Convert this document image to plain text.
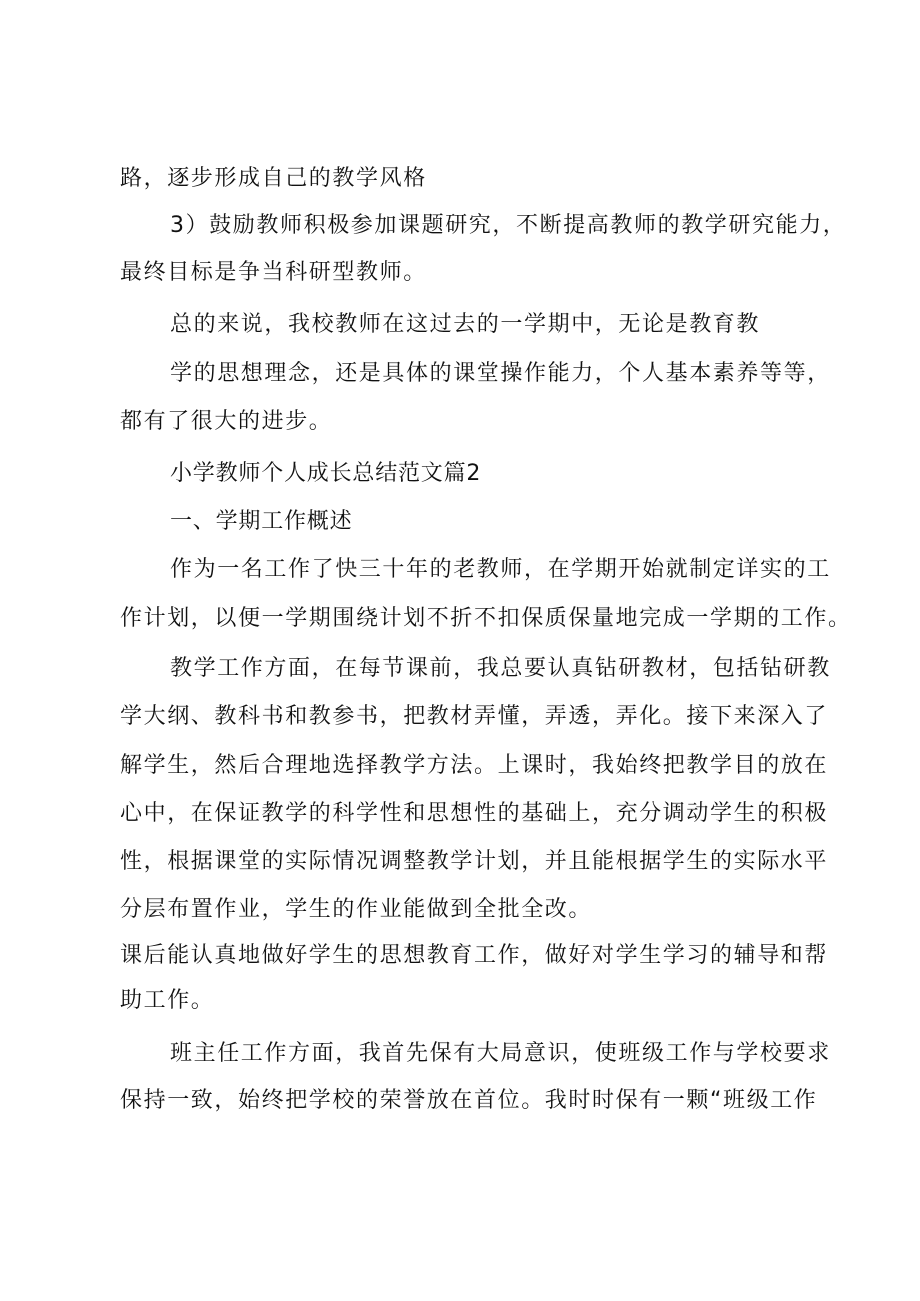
路，逐步形成自己的教学风格
3）鼓励教师积极参加课题研究，不断提高教师的教学研究能力，
最终目标是争当科研型教师。
总的来说，我校教师在这过去的一学期中，无论是教育教
学的思想理念，还是具体的课堂操作能力，个人基本素养等等，
都有了很大的进步。
小学教师个人成长总结范文篇2
一、学期工作概述
作为一名工作了快三十年的老教师，在学期开始就制定详实的工
作计划，以便一学期围绕计划不折不扣保质保量地完成一学期的工作。
教学工作方面，在每节课前，我总要认真钻研教材，包括钻研教
学大纲、教科书和教参书，把教材弄懂，弄透，弄化。接下来深入了
解学生，然后合理地选择教学方法。上课时，我始终把教学目的放在
心中，在保证教学的科学性和思想性的基础上，充分调动学生的积极
性，根据课堂的实际情况调整教学计划，并且能根据学生的实际水平
分层布置作业，学生的作业能做到全批全改。
课后能认真地做好学生的思想教育工作，做好对学生学习的辅导和帮
助工作。
班主任工作方面，我首先保有大局意识，使班级工作与学校要求
保持一致，始终把学校的荣誉放在首位。我时时保有一颗“班级工作
